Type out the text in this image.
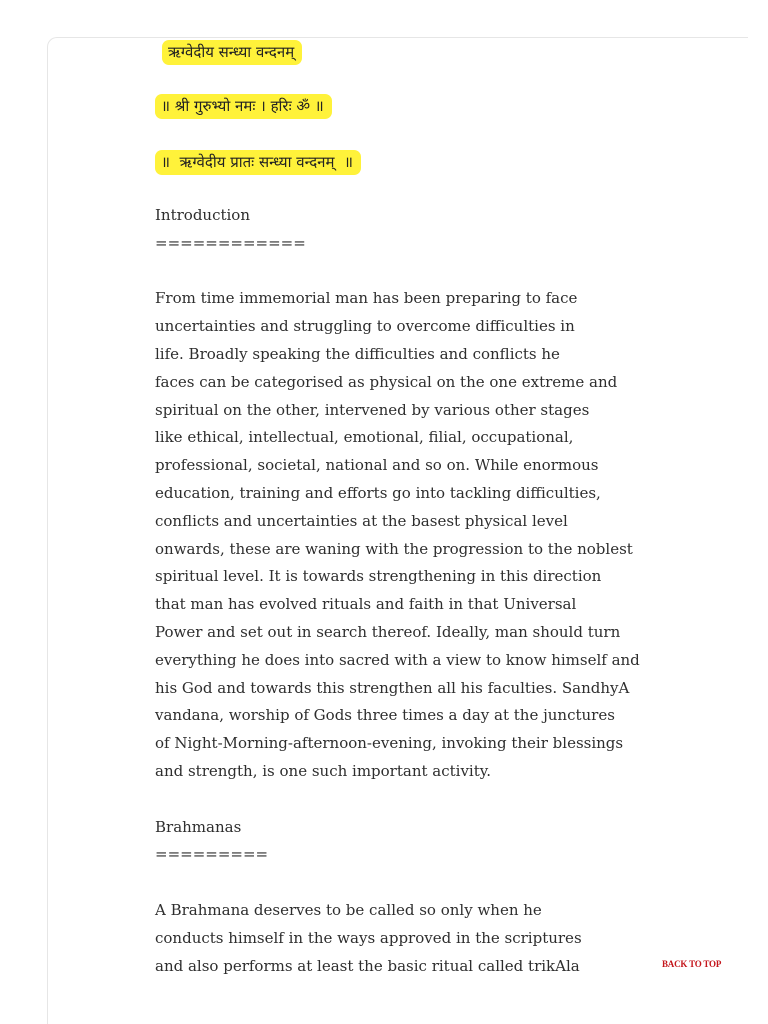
ऋग्वेदीय सन्ध्या वन्दनम्
॥ श्री गुरुभ्यो नमः । हरिः ॐ ॥
॥  ऋग्वेदीय प्रातः सन्ध्या वन्दनम्  ॥
Introduction
============
From time immemorial man has been preparing to face
uncertainties and struggling to overcome difficulties in
life. Broadly speaking the difficulties and conflicts he
faces can be categorised as physical on the one extreme and
spiritual on the other, intervened by various other stages
like ethical, intellectual, emotional, filial, occupational,
professional, societal, national and so on. While enormous
education, training and efforts go into tackling difficulties,
conflicts and uncertainties at the basest physical level
onwards, these are waning with the progression to the noblest
spiritual level. It is towards strengthening in this direction
that man has evolved rituals and faith in that Universal
Power and set out in search thereof. Ideally, man should turn
everything he does into sacred with a view to know himself and
his God and towards this strengthen all his faculties. SandhyA
vandana, worship of Gods three times a day at the junctures
of Night-Morning-afternoon-evening, invoking their blessings
and strength, is one such important activity.
Brahmanas
=========
A Brahmana deserves to be called so only when he
conducts himself in the ways approved in the scriptures
and also performs at least the basic ritual called trikAla	BACK TO TOP
